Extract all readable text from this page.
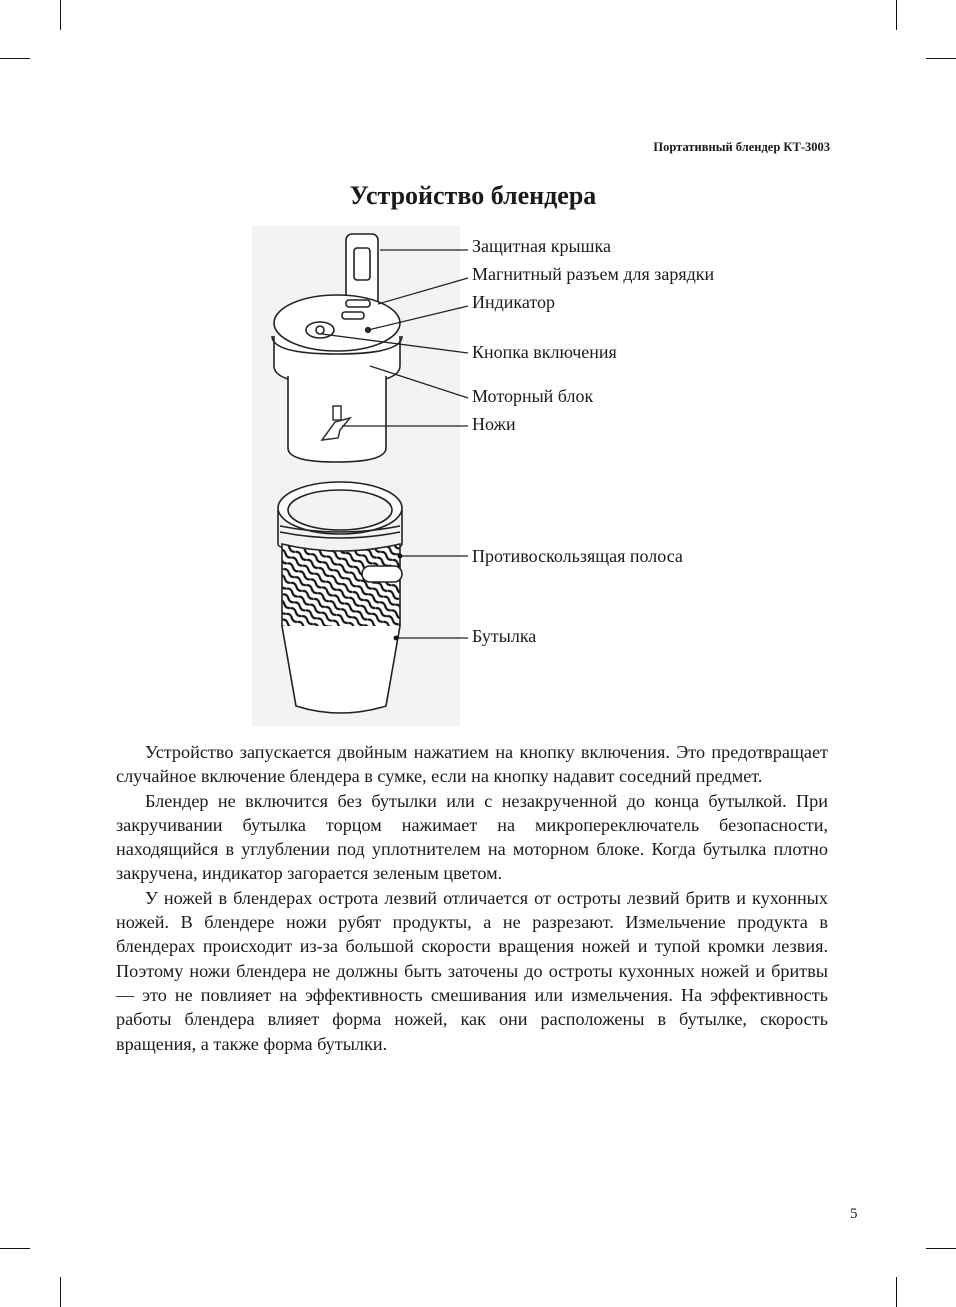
Портативный блендер КТ-3003
Устройство блендера
Защитная крышка
Магнитный разъем для зарядки
Индикатор
Кнопка включения
Моторный блок
Ножи
Противоскользящая полоса
Бутылка

Устройство запускается двойным нажатием на кнопку включения. Это предотвращает случайное включение блендера в сумке, если на кнопку надавит соседний предмет.

Блендер не включится без бутылки или с незакрученной до конца бутылкой. При закручивании бутылка торцом нажимает на микропереключатель безопасности, находящийся в углублении под уплотнителем на моторном блоке. Когда бутылка плотно закручена, индикатор загорается зеленым цветом.

У ножей в блендерах острота лезвий отличается от остроты лезвий бритв и кухонных ножей. В блендере ножи рубят продукты, а не разрезают. Измельчение продукта в блендерах происходит из-за большой скорости вращения ножей и тупой кромки лезвия. Поэтому ножи блендера не должны быть заточены до остроты кухонных ножей и бритвы — это не повлияет на эффективность смешивания или измельчения. На эффективность работы блендера влияет форма ножей, как они расположены в бутылке, скорость вращения, а также форма бутылки.

5
